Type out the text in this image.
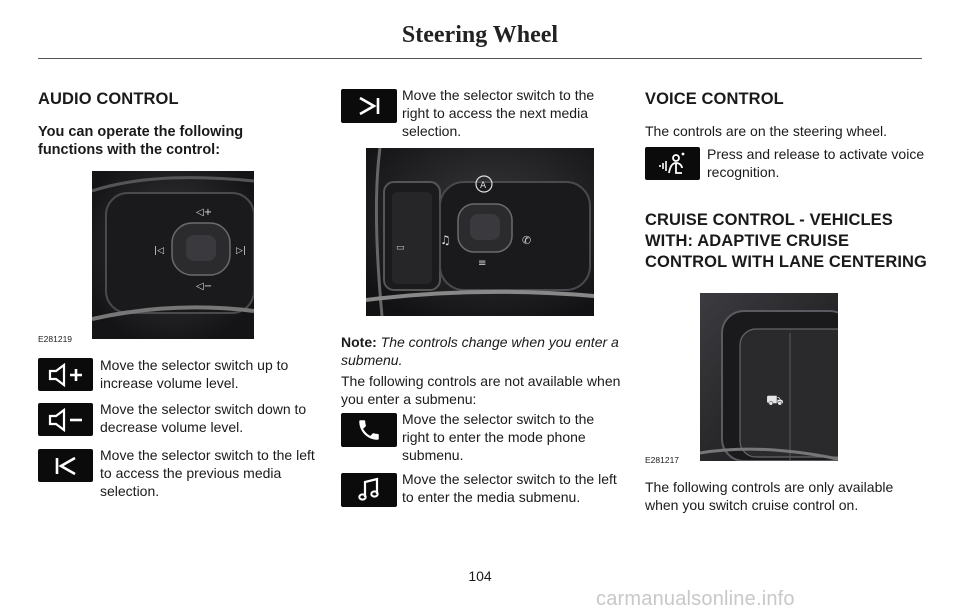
Steering Wheel
AUDIO CONTROL
You can operate the following functions with the control:
◁+
|◁	▷|
◁−
E281219
Move the selector switch up to increase volume level.
Move the selector switch down to decrease volume level.
Move the selector switch to the left to access the previous media selection.
Move the selector switch to the right to access the next media selection.
A
♫	✆
≡
▭
Note: The controls change when you enter a submenu.
The following controls are not available when you enter a submenu:
Move the selector switch to the right to enter the mode phone submenu.
Move the selector switch to the left to enter the media submenu.
VOICE CONTROL
The controls are on the steering wheel.
Press and release to activate voice recognition.
CRUISE CONTROL - VEHICLES
WITH: ADAPTIVE CRUISE
CONTROL WITH LANE CENTERING
⛟
E281217
The following controls are only available when you switch cruise control on.
104
carmanualsonline.info
